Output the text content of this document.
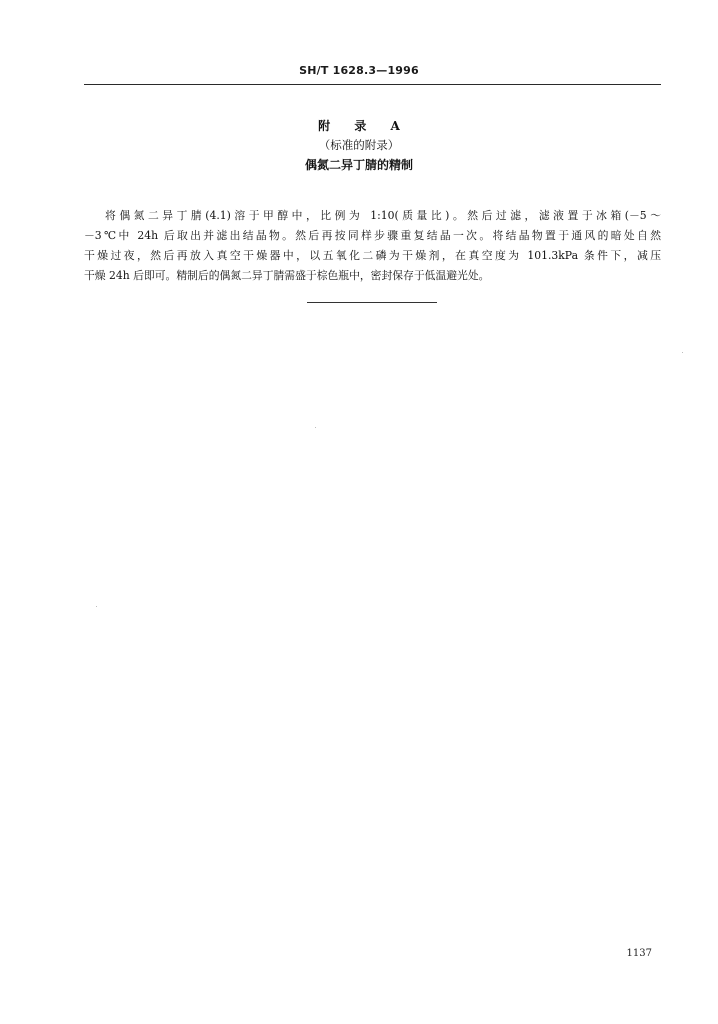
SH/T 1628.3—1996
附 录 A
（标准的附录）
偶氮二异丁腈的精制
将偶氮二异丁腈(4.1)溶于甲醇中，比例为 1:10(质量比)。然后过滤，滤液置于冰箱(－5～
－3℃中 24h 后取出并滤出结晶物。然后再按同样步骤重复结晶一次。将结晶物置于通风的暗处自然
干燥过夜，然后再放入真空干燥器中，以五氧化二磷为干燥剂，在真空度为 101.3kPa 条件下，减压
干燥 24h 后即可。精制后的偶氮二异丁腈需盛于棕色瓶中，密封保存于低温避光处。
1137
